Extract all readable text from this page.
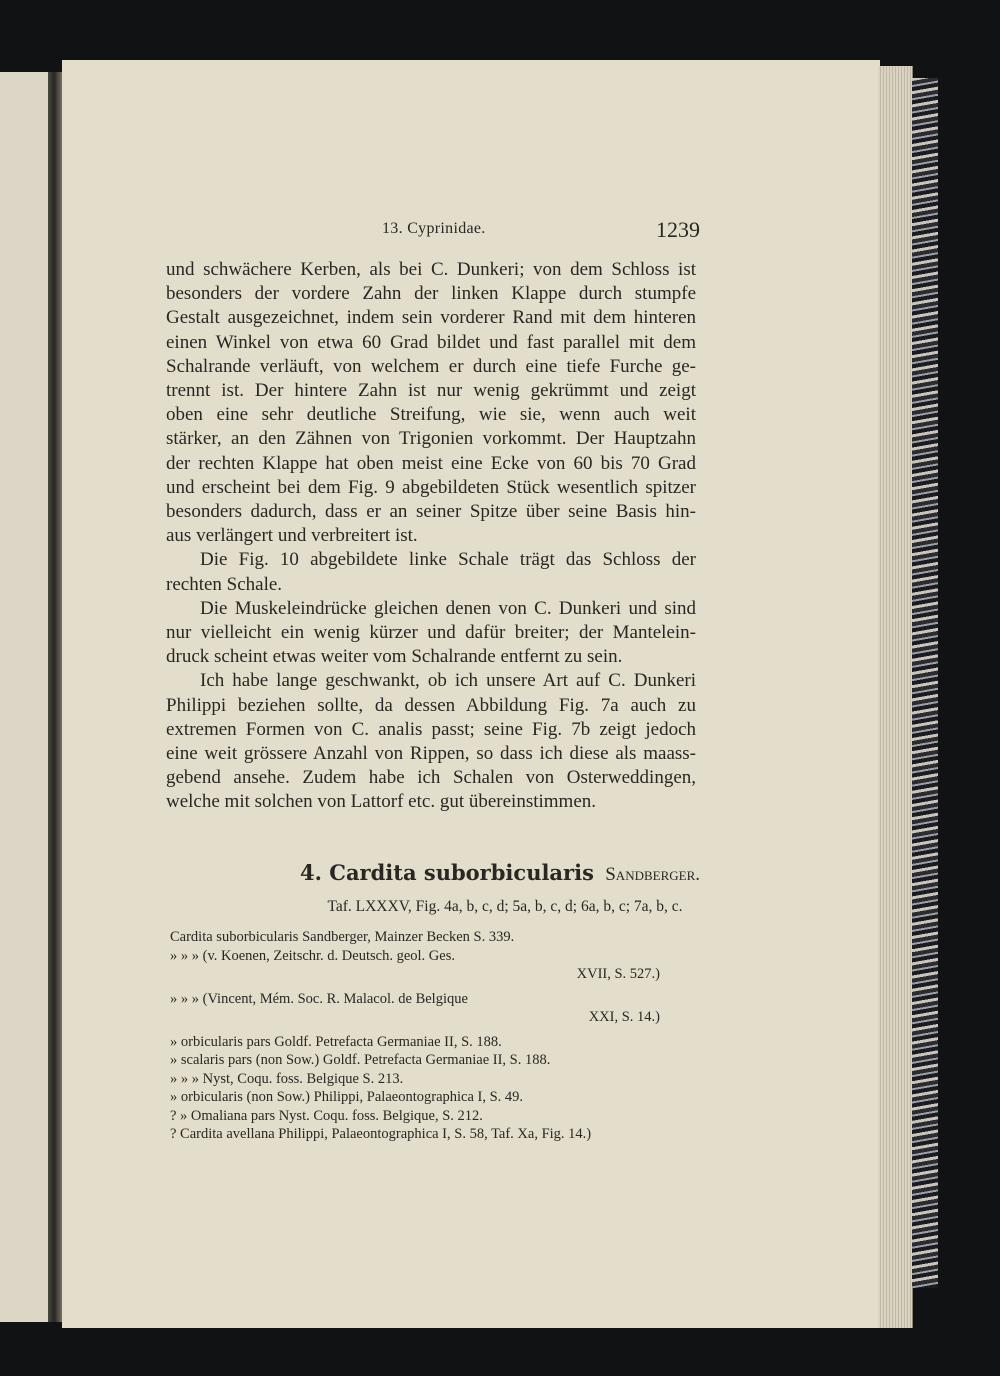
13. Cyprinidae.	1239
und schwächere Kerben, als bei C. Dunkeri; von dem Schloss ist
besonders der vordere Zahn der linken Klappe durch stumpfe
Gestalt ausgezeichnet, indem sein vorderer Rand mit dem hinteren
einen Winkel von etwa 60 Grad bildet und fast parallel mit dem
Schalrande verläuft, von welchem er durch eine tiefe Furche ge-
trennt ist. Der hintere Zahn ist nur wenig gekrümmt und zeigt
oben eine sehr deutliche Streifung, wie sie, wenn auch weit
stärker, an den Zähnen von Trigonien vorkommt. Der Hauptzahn
der rechten Klappe hat oben meist eine Ecke von 60 bis 70 Grad
und erscheint bei dem Fig. 9 abgebildeten Stück wesentlich spitzer
besonders dadurch, dass er an seiner Spitze über seine Basis hin-
aus verlängert und verbreitert ist.
Die Fig. 10 abgebildete linke Schale trägt das Schloss der
rechten Schale.
Die Muskeleindrücke gleichen denen von C. Dunkeri und sind
nur vielleicht ein wenig kürzer und dafür breiter; der Mantelein-
druck scheint etwas weiter vom Schalrande entfernt zu sein.
Ich habe lange geschwankt, ob ich unsere Art auf C. Dunkeri
Philippi beziehen sollte, da dessen Abbildung Fig. 7a auch zu
extremen Formen von C. analis passt; seine Fig. 7b zeigt jedoch
eine weit grössere Anzahl von Rippen, so dass ich diese als maass-
gebend ansehe. Zudem habe ich Schalen von Osterweddingen,
welche mit solchen von Lattorf etc. gut übereinstimmen.
4. Cardita suborbicularis Sandberger.
Taf. LXXXV, Fig. 4a, b, c, d; 5a, b, c, d; 6a, b, c; 7a, b, c.
Cardita suborbicularis Sandberger, Mainzer Becken S. 339.
» » » (v. Koenen, Zeitschr. d. Deutsch. geol. Ges.
XVII, S. 527.)
» » » (Vincent, Mém. Soc. R. Malacol. de Belgique
XXI, S. 14.)
» orbicularis pars Goldf. Petrefacta Germaniae II, S. 188.
» scalaris pars (non Sow.) Goldf. Petrefacta Germaniae II, S. 188.
» » » Nyst, Coqu. foss. Belgique S. 213.
» orbicularis (non Sow.) Philippi, Palaeontographica I, S. 49.
? » Omaliana pars Nyst. Coqu. foss. Belgique, S. 212.
? Cardita avellana Philippi, Palaeontographica I, S. 58, Taf. Xa, Fig. 14.)
